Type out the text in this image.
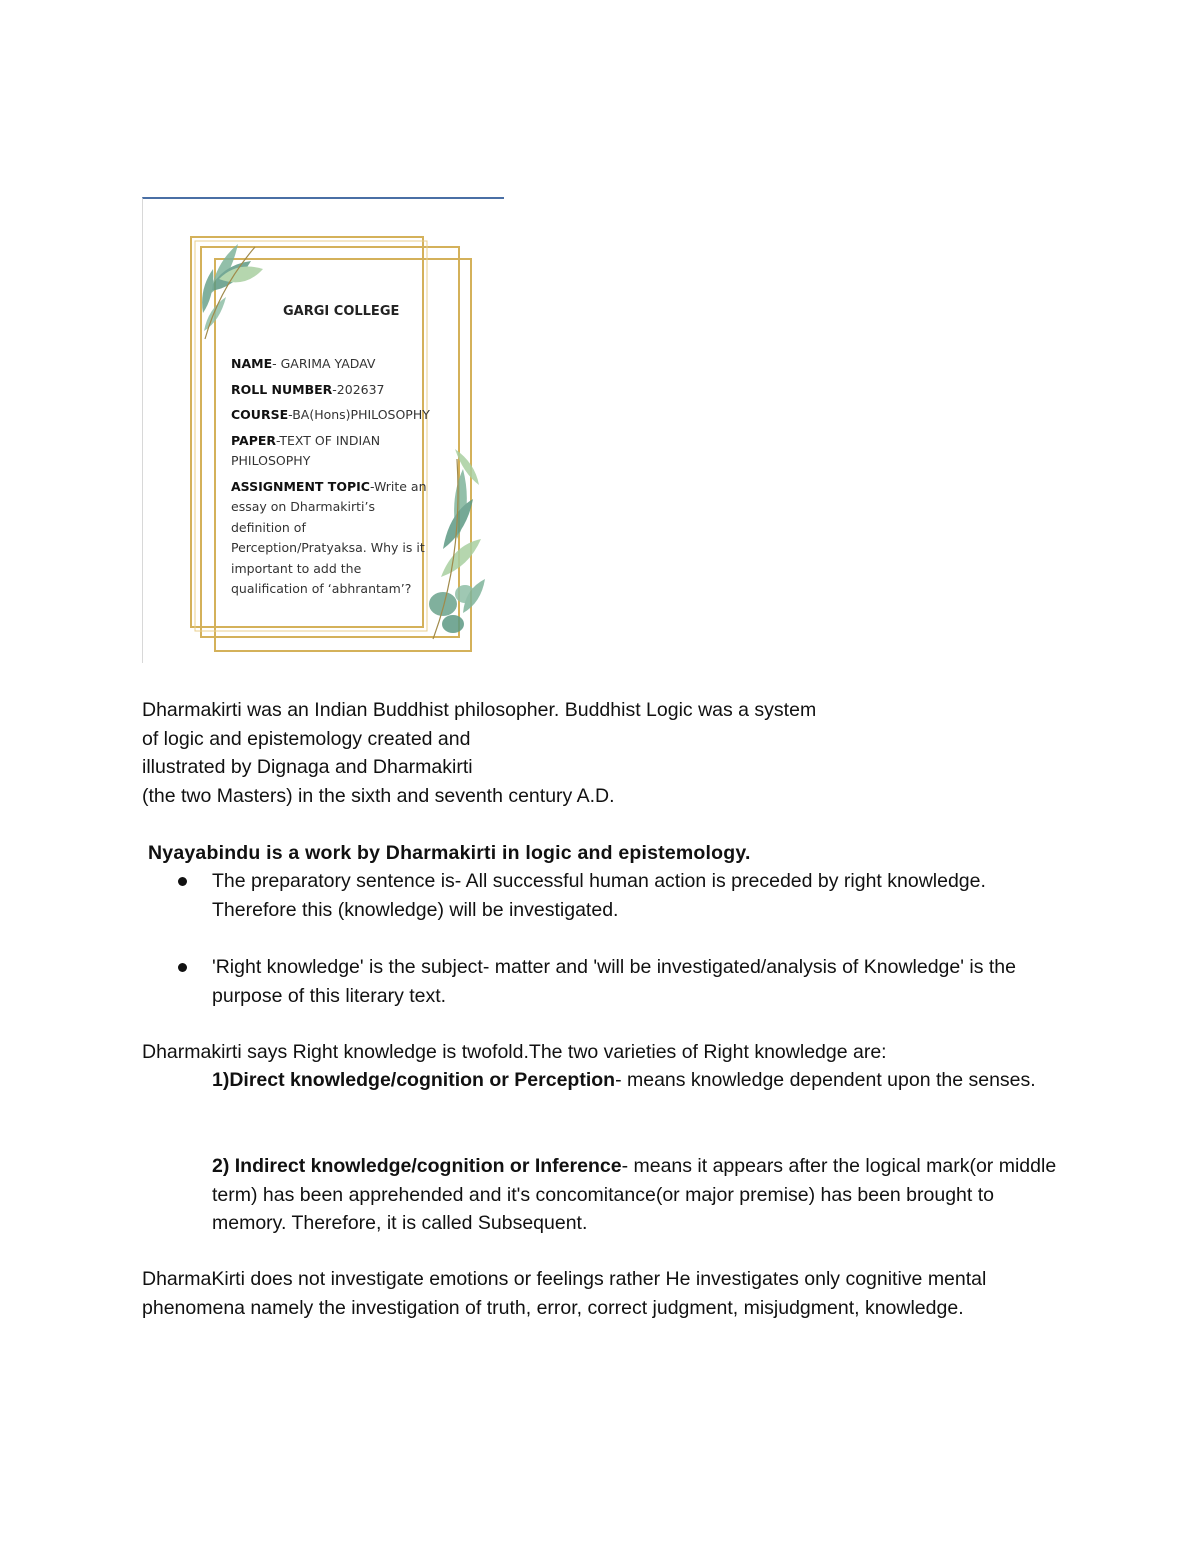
GARGI COLLEGE
NAME- GARIMA YADAV
ROLL NUMBER-202637
COURSE-BA(Hons)PHILOSOPHY
PAPER-TEXT OF INDIAN PHILOSOPHY
ASSIGNMENT TOPIC-Write an essay on Dharmakirti’s definition of Perception/Pratyaksa. Why is it important to add the qualification of ‘abhrantam’?
Dharmakirti was an Indian Buddhist philosopher. Buddhist Logic was a system
of logic and epistemology created and
illustrated by Dignaga and Dharmakirti
(the two Masters) in the sixth and seventh century A.D.
Nyayabindu is a work by Dharmakirti in logic and epistemology.
The preparatory sentence is- All successful human action is preceded by right knowledge. Therefore this (knowledge) will be investigated.
'Right knowledge' is the subject- matter and 'will be investigated/analysis of Knowledge' is the purpose of this literary text.
Dharmakirti says Right knowledge is twofold.The two varieties of Right knowledge are:
1)Direct knowledge/cognition or Perception- means knowledge dependent upon the senses.
2) Indirect knowledge/cognition or Inference- means it appears after the logical mark(or middle term) has been apprehended and it's concomitance(or major premise) has been brought to memory. Therefore, it is called Subsequent.
DharmaKirti does not investigate emotions or feelings rather He investigates only cognitive mental phenomena namely the investigation of truth, error, correct judgment, misjudgment, knowledge.
